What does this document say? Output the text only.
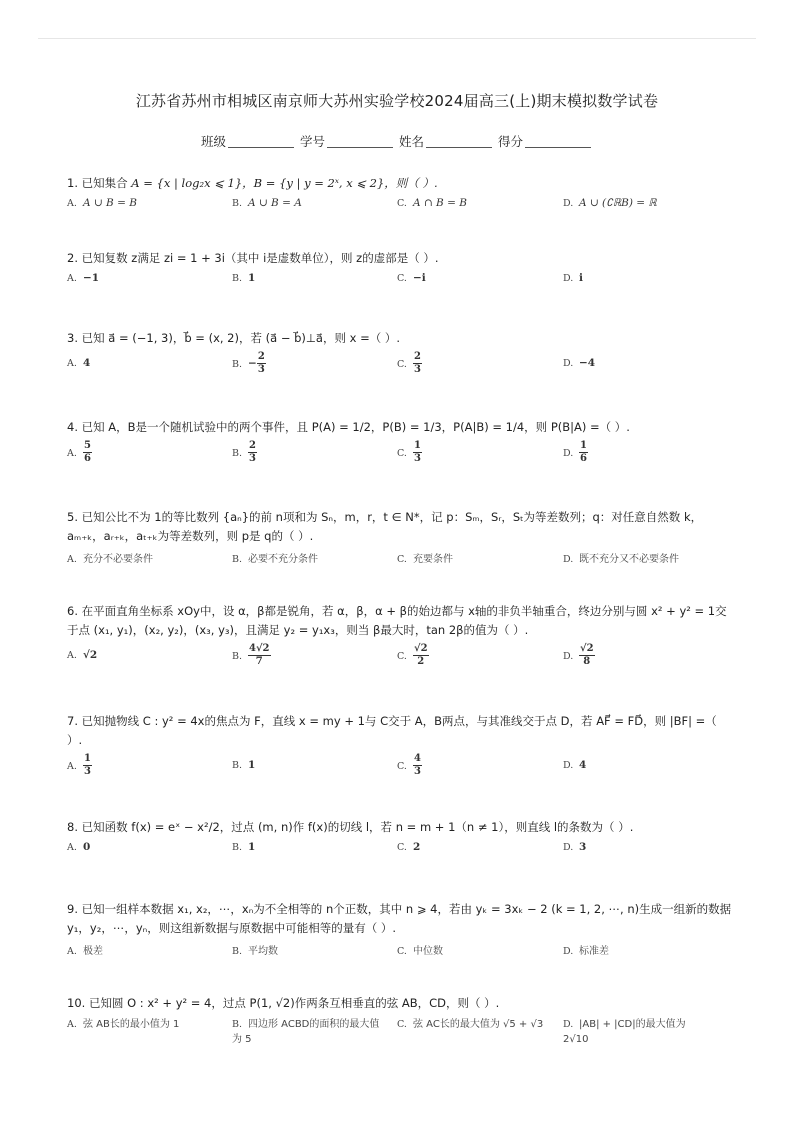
江苏省苏州市相城区南京师大苏州实验学校2024届高三(上)期末模拟数学试卷
班级	学号	姓名	得分
1. 已知集合 A = {x | log₂x ⩽ 1}，B = {y | y = 2ˣ, x ⩽ 2}，则（ ）.
A. A ∪ B = B	B. A ∪ B = A	C. A ∩ B = B	D. A ∪ (∁ℝB) = ℝ
2. 已知复数 z满足 zi = 1 + 3i（其中 i是虚数单位），则 z的虚部是（ ）.
A. −1	B. 1	C. −i	D. i
3. 已知 a⃗ = (−1, 3)，b⃗ = (x, 2)，若 (a⃗ − b⃗)⊥a⃗，则 x =（ ）.
A. 4	B. − $\frac{2}{3}$	C. $\frac{2}{3}$	D. −4
4. 已知 A，B是一个随机试验中的两个事件，且 P(A) = 1/2，P(B) = 1/3，P(A|B) = 1/4，则 P(B|A) =（ ）.
A. $\frac{5}{6}$	B. $\frac{2}{3}$	C. $\frac{1}{3}$	D. $\frac{1}{6}$
5. 已知公比不为 1的等比数列 {aₙ}的前 n项和为 Sₙ，m，r，t ∈ N*，记 p：Sₘ，Sᵣ，Sₜ为等差数列；q：对任意自然数 k，aₘ₊ₖ，aᵣ₊ₖ，aₜ₊ₖ为等差数列，则 p是 q的（ ）.
A. 充分不必要条件	B. 必要不充分条件	C. 充要条件	D. 既不充分又不必要条件
6. 在平面直角坐标系 xOy中，设 α，β都是锐角，若 α，β，α + β的始边都与 x轴的非负半轴重合，终边分别与圆 x² + y² = 1交于点 (x₁, y₁)，(x₂, y₂)，(x₃, y₃)，且满足 y₂ = y₁x₃，则当 β最大时，tan 2β的值为（ ）.
A. √2	B. $\frac{4√2}{7}$	C. $\frac{√2}{2}$	D. $\frac{√2}{8}$
7. 已知抛物线 C : y² = 4x的焦点为 F，直线 x = my + 1与 C交于 A，B两点，与其准线交于点 D，若 AF⃗ = FD⃗，则 |BF| =（ ）.
A. $\frac{1}{3}$	B. 1	C. $\frac{4}{3}$	D. 4
8. 已知函数 f(x) = eˣ − x²/2，过点 (m, n)作 f(x)的切线 l，若 n = m + 1（n ≠ 1），则直线 l的条数为（ ）.
A. 0	B. 1	C. 2	D. 3
9. 已知一组样本数据 x₁, x₂，⋯，xₙ为不全相等的 n个正数，其中 n ⩾ 4，若由 yₖ = 3xₖ − 2 (k = 1, 2, ⋯, n)生成一组新的数据 y₁，y₂，⋯，yₙ，则这组新数据与原数据中可能相等的量有（ ）.
A. 极差	B. 平均数	C. 中位数	D. 标准差
10. 已知圆 O : x² + y² = 4，过点 P(1, √2)作两条互相垂直的弦 AB，CD，则（ ）.
A. 弦 AB长的最小值为 1	B. 四边形 ACBD的面积的最大值为 5
C. 弦 AC长的最大值为 √5 + √3	D. |AB| + |CD|的最大值为 2√10
